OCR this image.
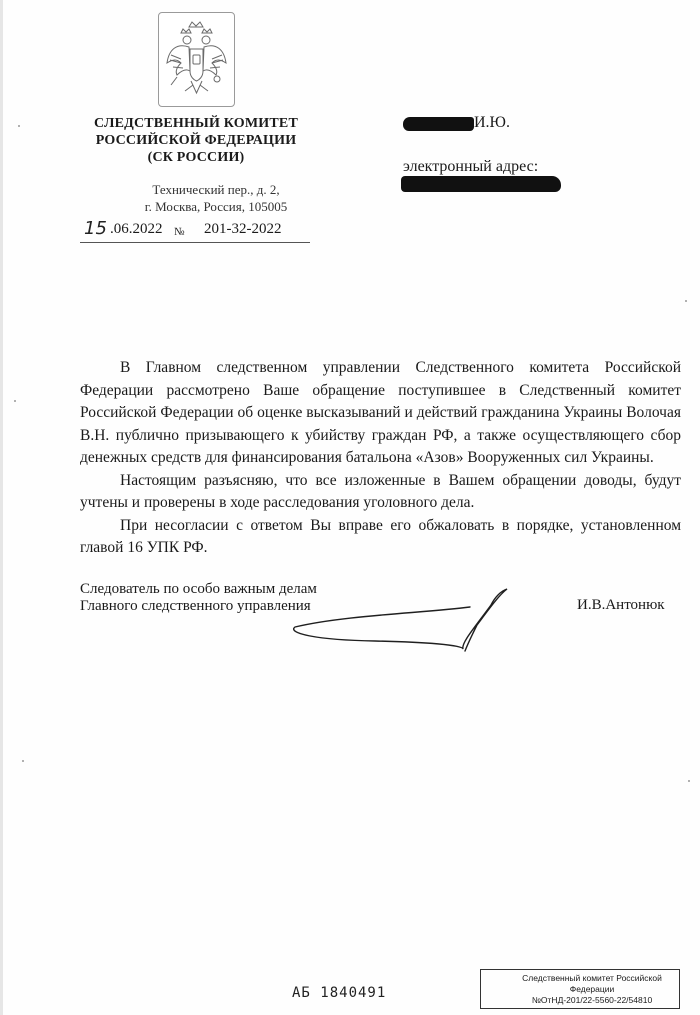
СЛЕДСТВЕННЫЙ КОМИТЕТ
РОССИЙСКОЙ ФЕДЕРАЦИИ
(СК РОССИИ)
Технический пер., д. 2,
г. Москва, Россия, 105005
15 .06.2022 № 201-32-2022
И.Ю.
электронный адрес:

В Главном следственном управлении Следственного комитета Российской Федерации рассмотрено Ваше обращение поступившее в Следственный комитет Российской Федерации об оценке высказываний и действий гражданина Украины Волочая В.Н. публично призывающего к убийству граждан РФ, а также осуществляющего сбор денежных средств для финансирования батальона «Азов» Вооруженных сил Украины.

Настоящим разъясняю, что все изложенные в Вашем обращении доводы, будут учтены и проверены в ходе расследования уголовного дела.

При несогласии с ответом Вы вправе его обжаловать в порядке, установленном главой 16 УПК РФ.

Следователь по особо важным делам
Главного следственного управления	И.В.Антонюк
АБ 1840491
Следственный комитет Российской
Федерации
№ОтНД-201/22-5560-22/54810
